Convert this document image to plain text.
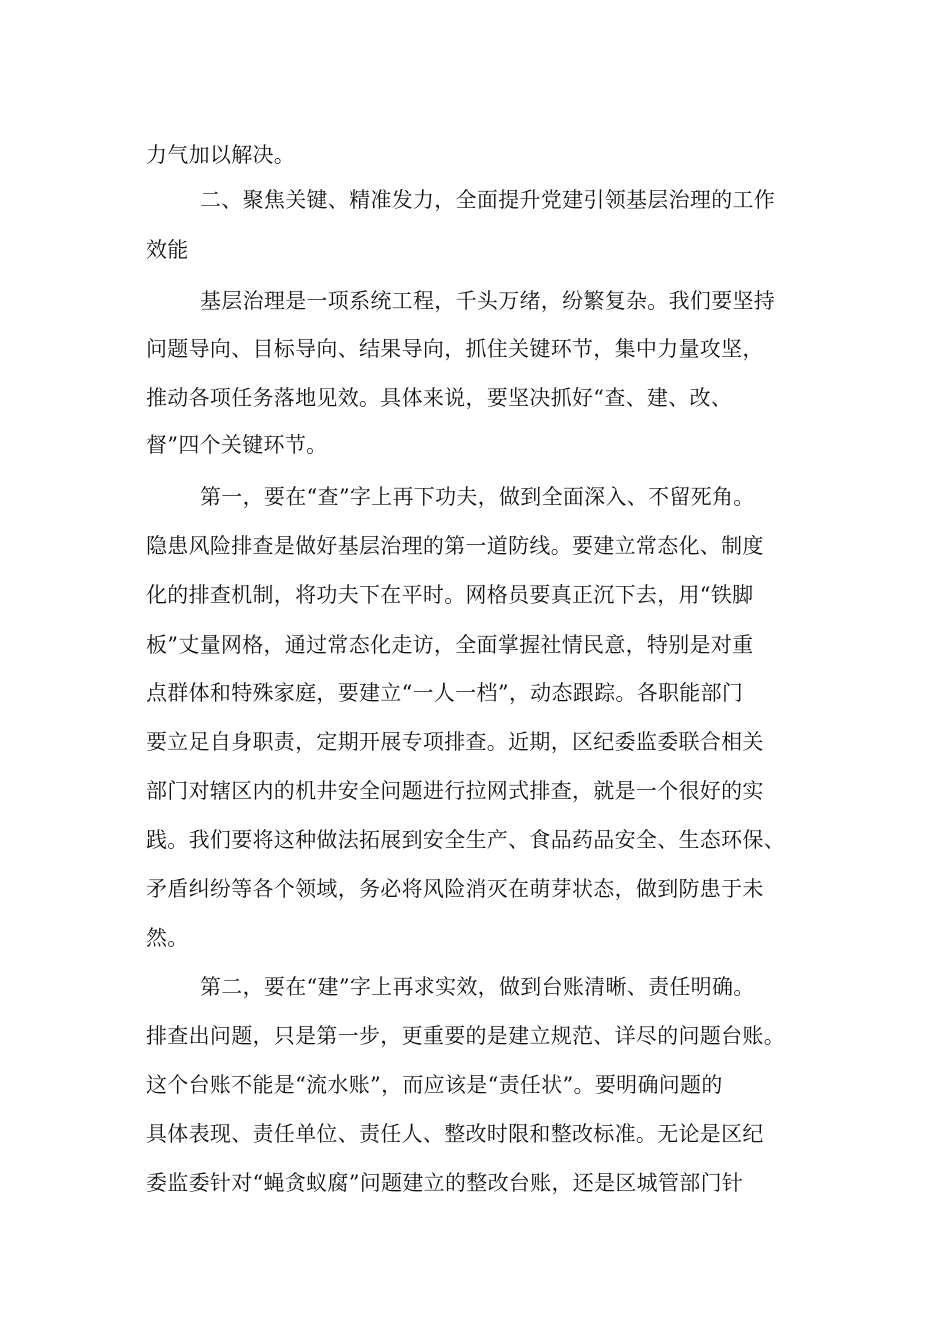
力气加以解决。
二、聚焦关键、精准发力，全面提升党建引领基层治理的工作
效能
基层治理是一项系统工程，千头万绪，纷繁复杂。我们要坚持
问题导向、目标导向、结果导向，抓住关键环节，集中力量攻坚，
推动各项任务落地见效。具体来说，要坚决抓好“查、建、改、
督”四个关键环节。
第一，要在“查”字上再下功夫，做到全面深入、不留死角。
隐患风险排查是做好基层治理的第一道防线。要建立常态化、制度
化的排查机制，将功夫下在平时。网格员要真正沉下去，用“铁脚
板”丈量网格，通过常态化走访，全面掌握社情民意，特别是对重
点群体和特殊家庭，要建立“一人一档”，动态跟踪。各职能部门
要立足自身职责，定期开展专项排查。近期，区纪委监委联合相关
部门对辖区内的机井安全问题进行拉网式排查，就是一个很好的实
践。我们要将这种做法拓展到安全生产、食品药品安全、生态环保、
矛盾纠纷等各个领域，务必将风险消灭在萌芽状态，做到防患于未
然。
第二，要在“建”字上再求实效，做到台账清晰、责任明确。
排查出问题，只是第一步，更重要的是建立规范、详尽的问题台账。
这个台账不能是“流水账”，而应该是“责任状”。要明确问题的
具体表现、责任单位、责任人、整改时限和整改标准。无论是区纪
委监委针对“蝇贪蚁腐”问题建立的整改台账，还是区城管部门针
